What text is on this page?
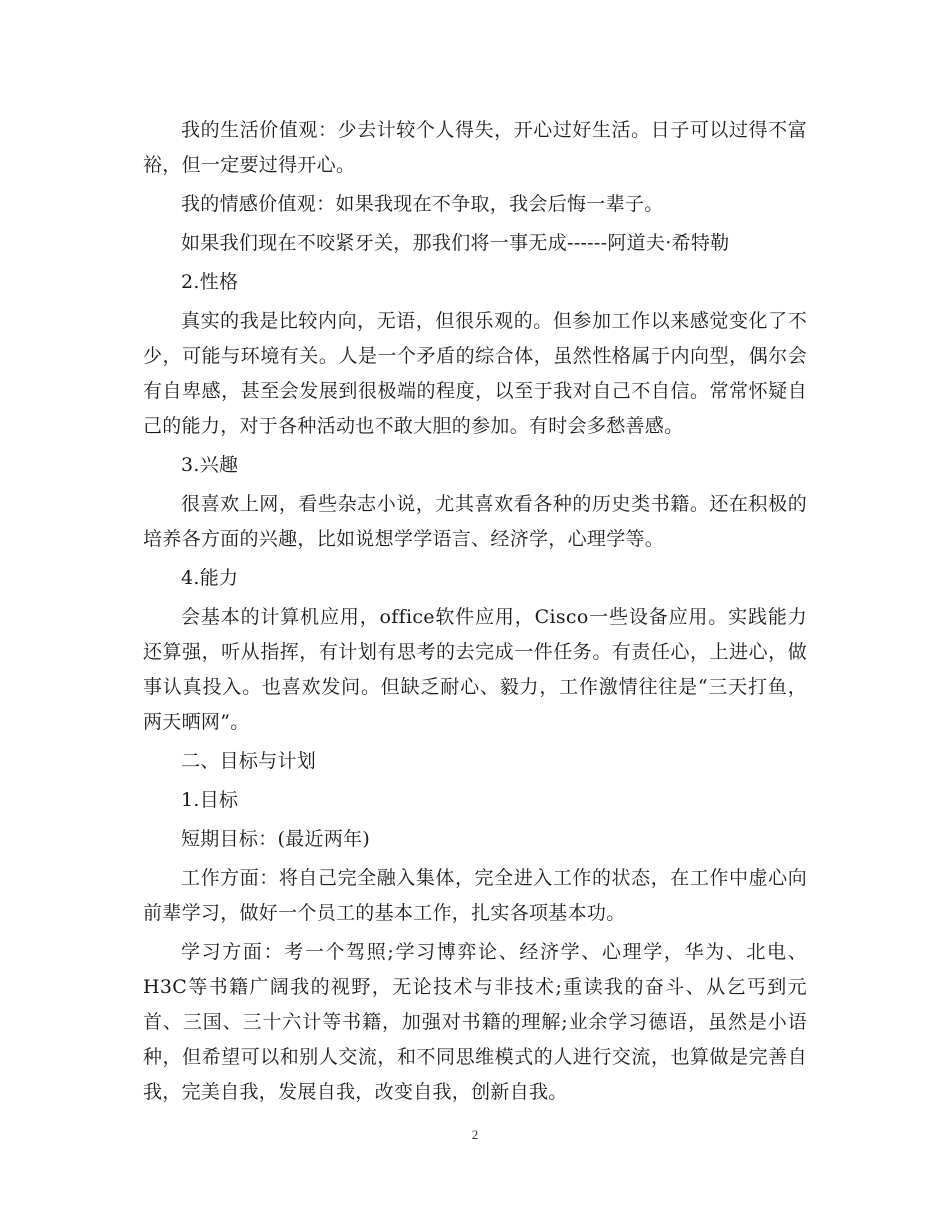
我的生活价值观：少去计较个人得失，开心过好生活。日子可以过得不富裕，但一定要过得开心。

我的情感价值观：如果我现在不争取，我会后悔一辈子。

如果我们现在不咬紧牙关，那我们将一事无成------阿道夫·希特勒

2.性格

真实的我是比较内向，无语，但很乐观的。但参加工作以来感觉变化了不少，可能与环境有关。人是一个矛盾的综合体，虽然性格属于内向型，偶尔会有自卑感，甚至会发展到很极端的程度，以至于我对自己不自信。常常怀疑自己的能力，对于各种活动也不敢大胆的参加。有时会多愁善感。

3.兴趣

很喜欢上网，看些杂志小说，尤其喜欢看各种的历史类书籍。还在积极的培养各方面的兴趣，比如说想学学语言、经济学，心理学等。

4.能力

会基本的计算机应用，office软件应用，Cisco一些设备应用。实践能力还算强，听从指挥，有计划有思考的去完成一件任务。有责任心，上进心，做事认真投入。也喜欢发问。但缺乏耐心、毅力，工作激情往往是“三天打鱼，两天晒网”。

二、目标与计划

1.目标

短期目标：(最近两年)

工作方面：将自己完全融入集体，完全进入工作的状态，在工作中虚心向前辈学习，做好一个员工的基本工作，扎实各项基本功。

学习方面：考一个驾照;学习博弈论、经济学、心理学，华为、北电、H3C等书籍广阔我的视野，无论技术与非技术;重读我的奋斗、从乞丐到元首、三国、三十六计等书籍，加强对书籍的理解;业余学习德语，虽然是小语种，但希望可以和别人交流，和不同思维模式的人进行交流，也算做是完善自我，完美自我，发展自我，改变自我，创新自我。

2
